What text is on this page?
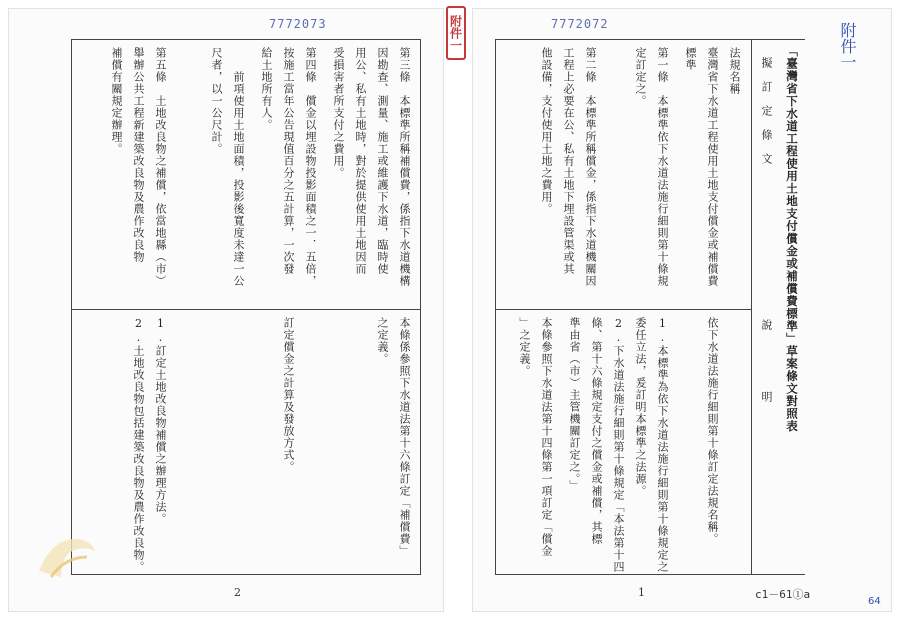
7772073
第三條　本標準所稱補償費，係指下水道機構
因勘查、測量、施工或維護下水道，臨時使
用公、私有土地時，對於提供使用土地因而
受損害者所支付之費用。
第四條　償金以埋設物投影面積之一．五倍，
按施工當年公告現值百分之五計算，一次發
給土地所有人。
　　前項使用土地面積，投影後寬度未達一公
尺者，以一公尺計。
第五條　土地改良物之補償，依當地縣（市）
舉辦公共工程新建築改良物及農作改良物
補償有關規定辦理。
本條係參照下水道法第十六條訂定「補償費」
之定義。
訂定償金之計算及發放方式。
1.訂定土地改良物補償之辦理方法。
2.土地改良物包括建築改良物及農作改良物。
2
附件一	7772072
「臺灣省下水道工程使用土地支付償金或補償費標準」草案條文對照表
擬　訂　定　條　文
說　　　　　明
法規名稱
臺灣省下水道工程使用土地支付償金或補償費
標準
第一條　本標準依下水道法施行細則第十條規
定訂定之。
第二條　本標準所稱償金，係指下水道機關因
工程上必要在公、私有土地下埋設管渠或其
他設備，支付使用土地之費用。
依下水道法施行細則第十條訂定法規名稱。
1.本標準為依下水道法施行細則第十條規定之
委任立法，爰訂明本標準之法源。
2.下水道法施行細則第十條規定「本法第十四
條、第十六條規定支付之償金或補償，其標
準由省（市）主管機關訂定之。」
本條參照下水道法第十四條第一項訂定「償金
」之定義。
1	c1－61①a
附件一
64
